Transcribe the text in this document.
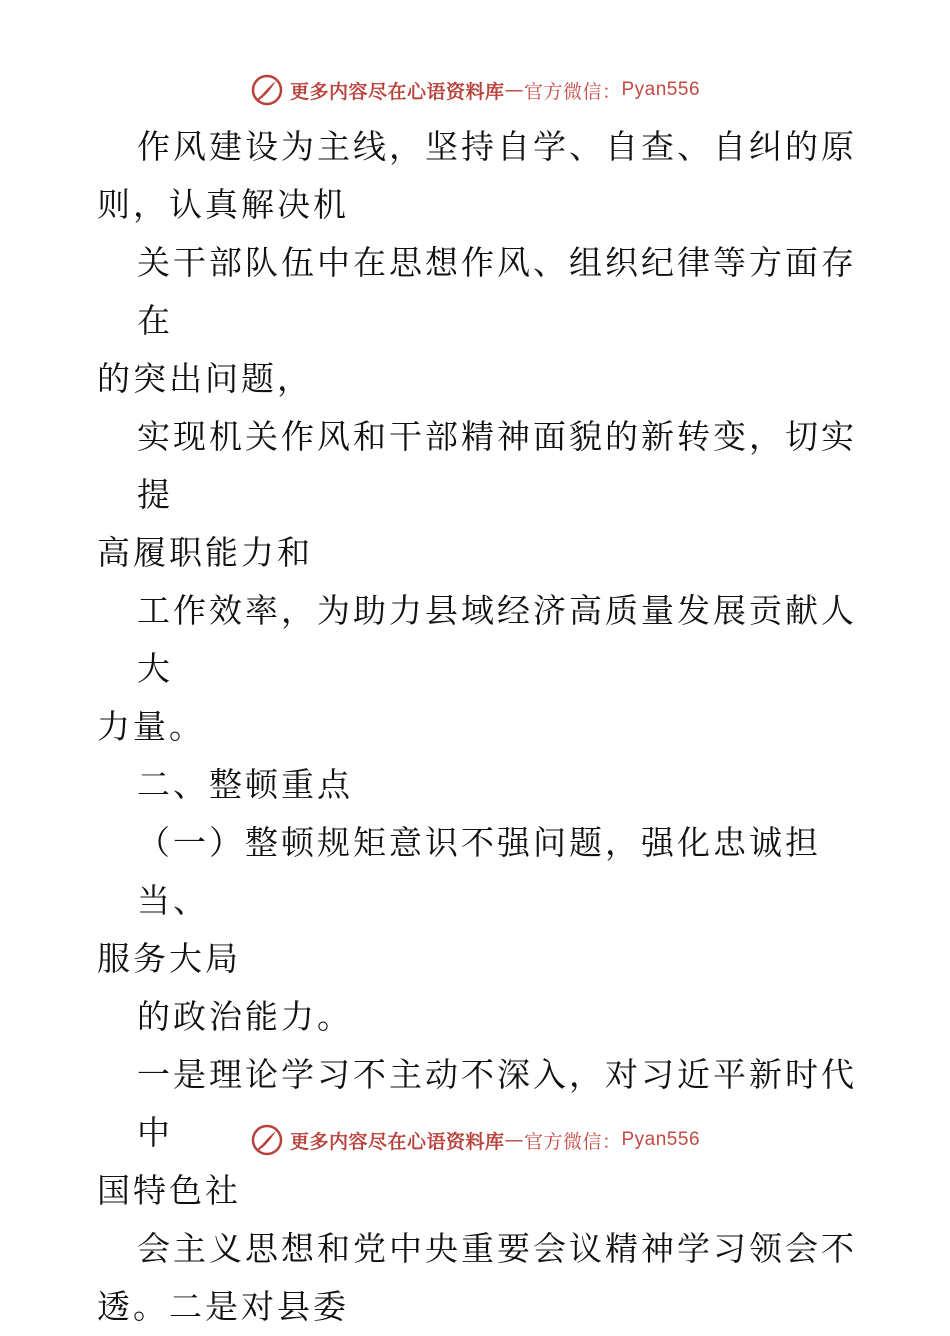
更多内容尽在心语资料库 — 官方微信： Pyan556

作风建设为主线，坚持自学、自查、自纠的原
则，认真解决机

关干部队伍中在思想作风、组织纪律等方面存在
的突出问题，

实现机关作风和干部精神面貌的新转变，切实提
高履职能力和

工作效率，为助力县域经济高质量发展贡献人大
力量。

二、整顿重点

（一）整顿规矩意识不强问题，强化忠诚担当、
服务大局

的政治能力。

一是理论学习不主动不深入，对习近平新时代中
国特色社

会主义思想和党中央重要会议精神学习领会不
透。二是对县委

更多内容尽在心语资料库 — 官方微信： Pyan556
